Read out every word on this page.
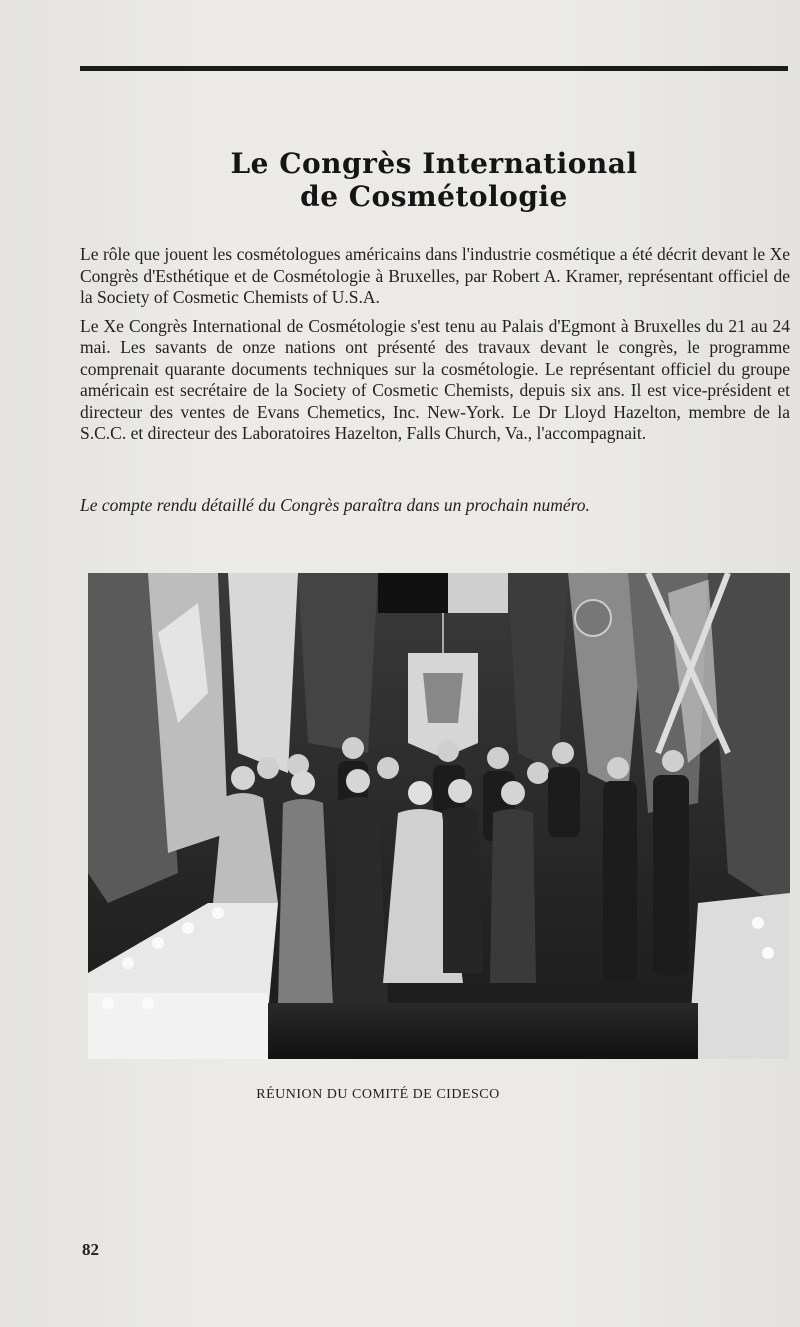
Le Congrès International
de Cosmétologie

Le rôle que jouent les cosmétologues américains dans l'industrie cosmétique a été décrit devant le Xe Congrès d'Esthétique et de Cosmétologie à Bruxelles, par Robert A. Kramer, représentant officiel de la Society of Cosmetic Chemists of U.S.A.

Le Xe Congrès International de Cosmétologie s'est tenu au Palais d'Egmont à Bruxelles du 21 au 24 mai. Les savants de onze nations ont présenté des travaux devant le congrès, le programme comprenait quarante documents techniques sur la cosmétologie. Le représentant officiel du groupe américain est secrétaire de la Society of Cosmetic Chemists, depuis six ans. Il est vice-président et directeur des ventes de Evans Chemetics, Inc. New-York. Le Dr Lloyd Hazelton, membre de la S.C.C. et directeur des Laboratoires Hazelton, Falls Church, Va., l'accompagnait.

Le compte rendu détaillé du Congrès paraîtra dans un prochain numéro.
RÉUNION DU COMITÉ DE CIDESCO
82
